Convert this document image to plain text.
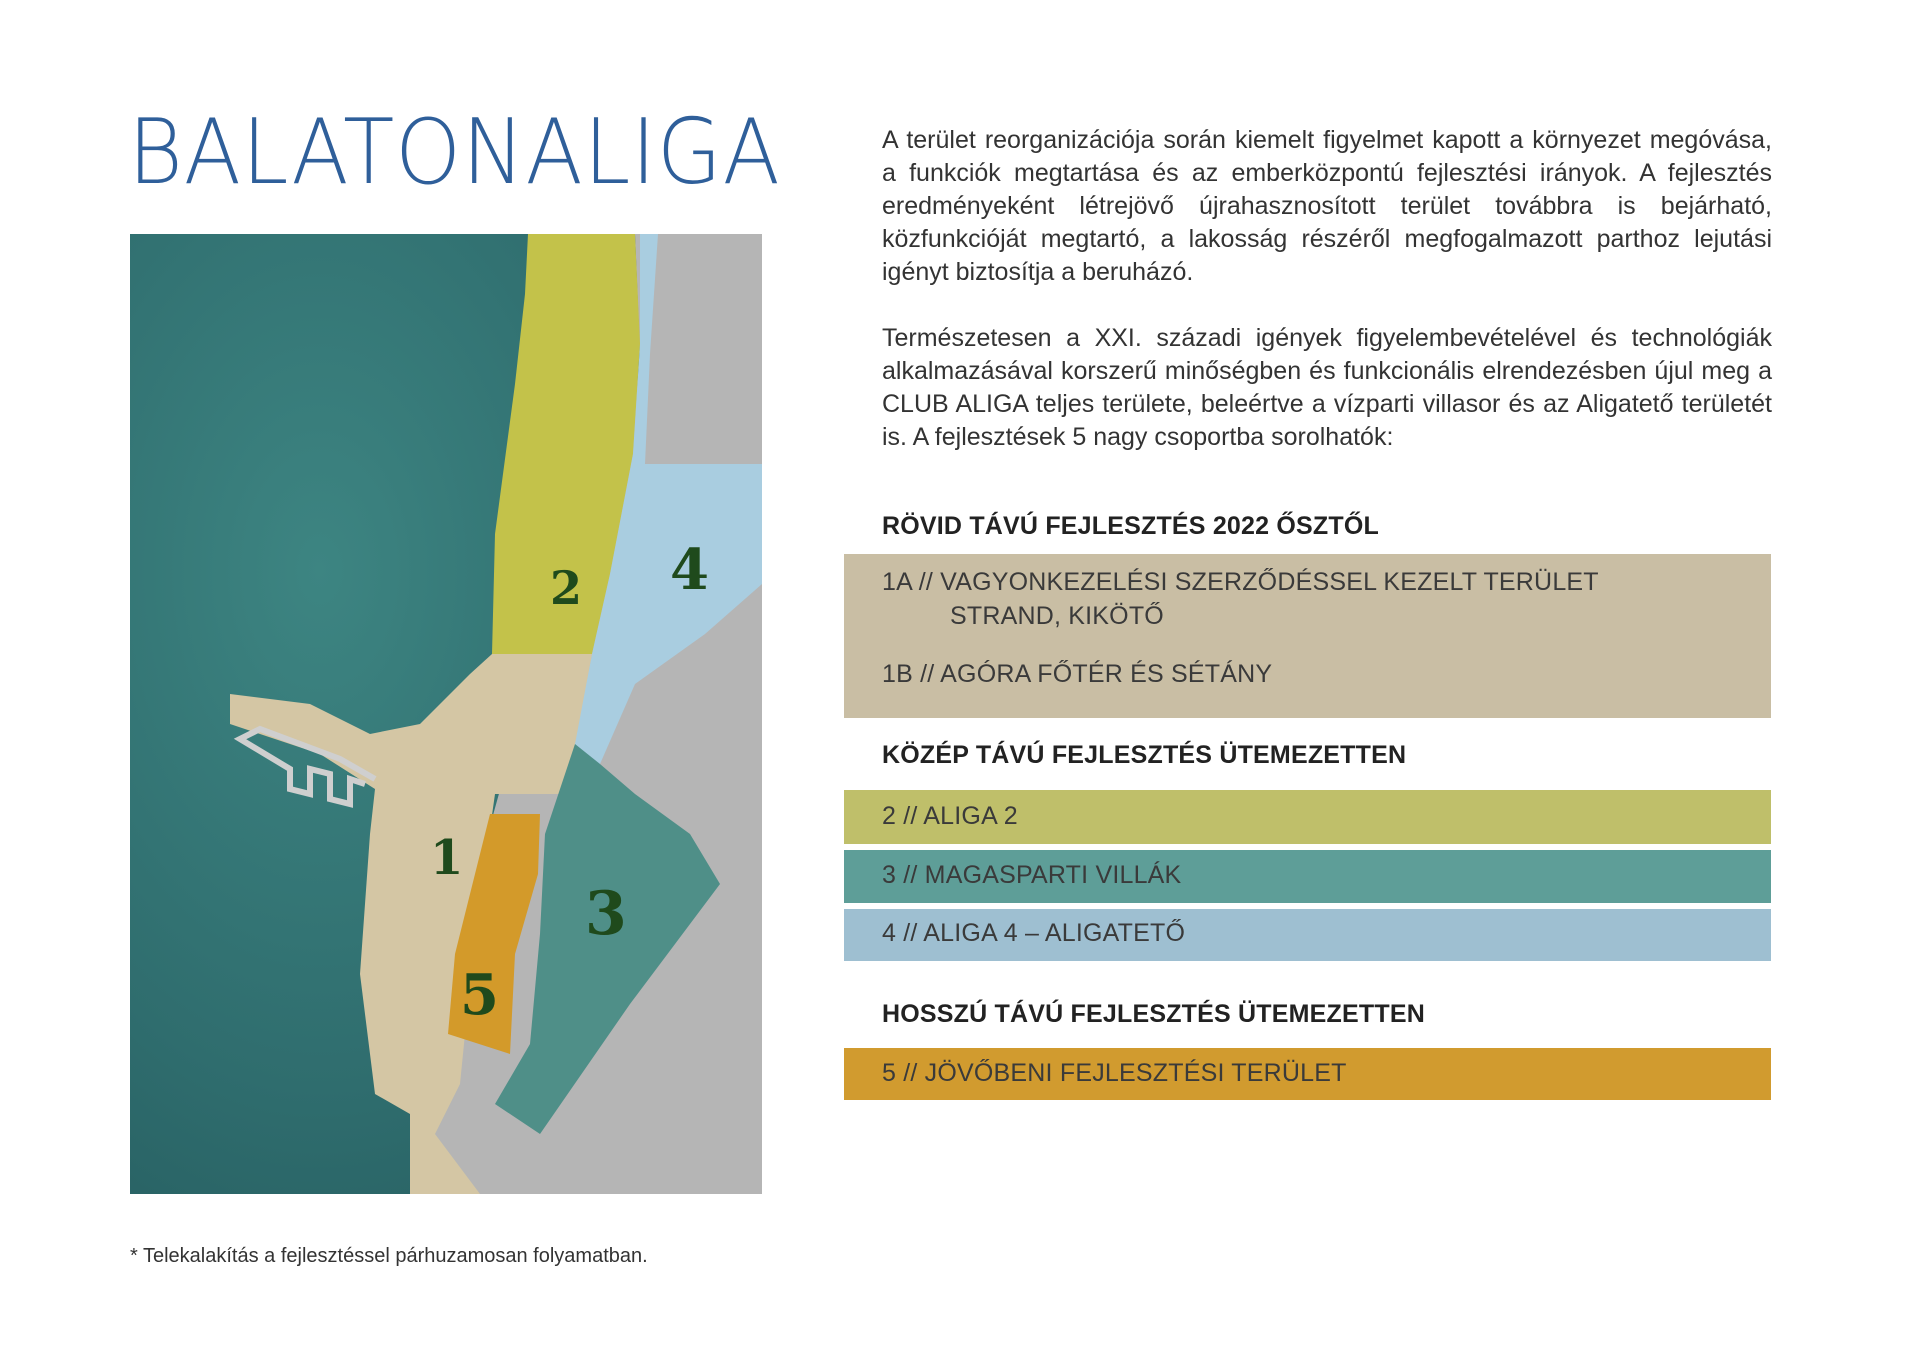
BALATONALIGA
2 4
1
3
5

A terület reorganizációja során kiemelt figyelmet kapott a környezet megóvása, a funkciók megtartása és az emberközpontú fejlesztési irányok. A fejlesztés eredményeként létrejövő újrahasznosított terület továbbra is bejárható, közfunkcióját megtartó, a lakosság részéről megfogalmazott parthoz lejutási igényt biztosítja a beruházó.

Természetesen a XXI. századi igények figyelembevételével és technológiák alkalmazásával korszerű minőségben és funkcionális elrendezésben újul meg a CLUB ALIGA teljes területe, beleértve a vízparti villasor és az Aligatető területét is. A fejlesztések 5 nagy csoportba sorolhatók:

RÖVID TÁVÚ FEJLESZTÉS 2022 ŐSZTŐL
1A // VAGYONKEZELÉSI SZERZŐDÉSSEL KEZELT TERÜLET
STRAND, KIKÖTŐ
1B // AGÓRA FŐTÉR ÉS SÉTÁNY
KÖZÉP TÁVÚ FEJLESZTÉS ÜTEMEZETTEN
2 // ALIGA 2
3 // MAGASPARTI VILLÁK
4 // ALIGA 4 – ALIGATETŐ
HOSSZÚ TÁVÚ FEJLESZTÉS ÜTEMEZETTEN
5 // JÖVŐBENI FEJLESZTÉSI TERÜLET
* Telekalakítás a fejlesztéssel párhuzamosan folyamatban.
